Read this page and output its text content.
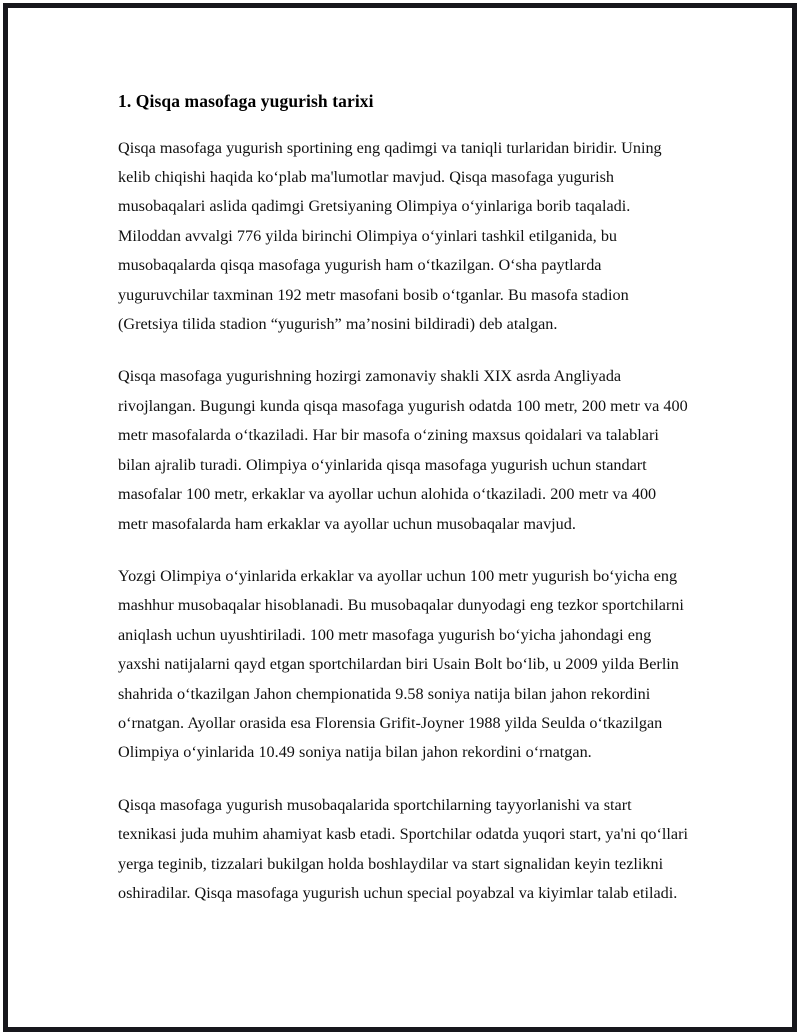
1. Qisqa masofaga yugurish tarixi

Qisqa masofaga yugurish sportining eng qadimgi va taniqli turlaridan biridir. Uning kelib chiqishi haqida koʻplab ma'lumotlar mavjud. Qisqa masofaga yugurish musobaqalari aslida qadimgi Gretsiyaning Olimpiya oʻyinlariga borib taqaladi. Miloddan avvalgi 776 yilda birinchi Olimpiya oʻyinlari tashkil etilganida, bu musobaqalarda qisqa masofaga yugurish ham oʻtkazilgan. Oʻsha paytlarda yuguruvchilar taxminan 192 metr masofani bosib oʻtganlar. Bu masofa stadion (Gretsiya tilida stadion “yugurish” ma’nosini bildiradi) deb atalgan.

Qisqa masofaga yugurishning hozirgi zamonaviy shakli XIX asrda Angliyada rivojlangan. Bugungi kunda qisqa masofaga yugurish odatda 100 metr, 200 metr va 400 metr masofalarda oʻtkaziladi. Har bir masofa oʻzining maxsus qoidalari va talablari bilan ajralib turadi. Olimpiya oʻyinlarida qisqa masofaga yugurish uchun standart masofalar 100 metr, erkaklar va ayollar uchun alohida oʻtkaziladi. 200 metr va 400 metr masofalarda ham erkaklar va ayollar uchun musobaqalar mavjud.

Yozgi Olimpiya oʻyinlarida erkaklar va ayollar uchun 100 metr yugurish boʻyicha eng mashhur musobaqalar hisoblanadi. Bu musobaqalar dunyodagi eng tezkor sportchilarni aniqlash uchun uyushtiriladi. 100 metr masofaga yugurish boʻyicha jahondagi eng yaxshi natijalarni qayd etgan sportchilardan biri Usain Bolt boʻlib, u 2009 yilda Berlin shahrida oʻtkazilgan Jahon chempionatida 9.58 soniya natija bilan jahon rekordini oʻrnatgan. Ayollar orasida esa Florensia Grifit-Joyner 1988 yilda Seulda oʻtkazilgan Olimpiya oʻyinlarida 10.49 soniya natija bilan jahon rekordini oʻrnatgan.

Qisqa masofaga yugurish musobaqalarida sportchilarning tayyorlanishi va start texnikasi juda muhim ahamiyat kasb etadi. Sportchilar odatda yuqori start, ya'ni qoʻllari yerga teginib, tizzalari bukilgan holda boshlaydilar va start signalidan keyin tezlikni oshiradilar. Qisqa masofaga yugurish uchun special poyabzal va kiyimlar talab etiladi.
